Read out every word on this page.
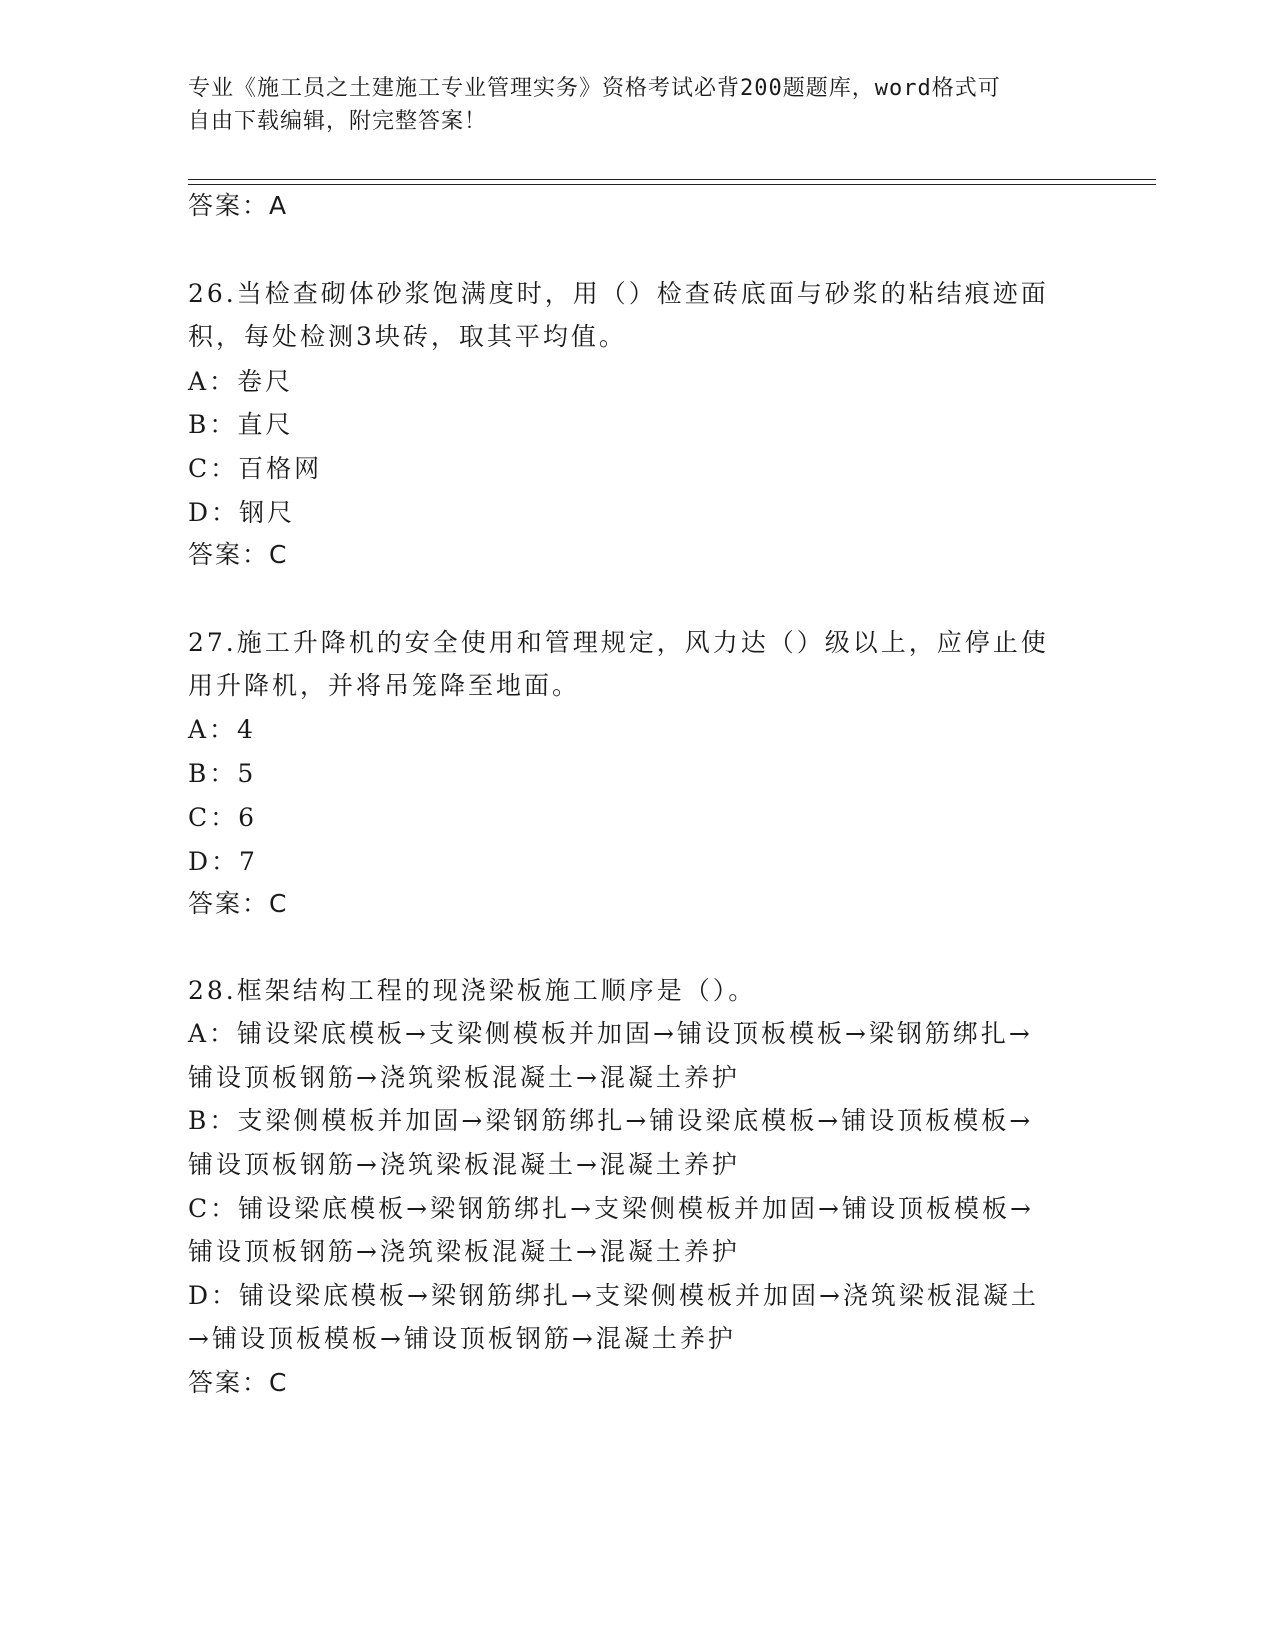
专业《施工员之土建施工专业管理实务》资格考试必背200题题库，word格式可
自由下载编辑，附完整答案！
答案：A
26.当检查砌体砂浆饱满度时，用（）检查砖底面与砂浆的粘结痕迹面
积，每处检测3块砖，取其平均值。
A：卷尺
B：直尺
C：百格网
D：钢尺
答案：C
27.施工升降机的安全使用和管理规定，风力达（）级以上，应停止使
用升降机，并将吊笼降至地面。
A：4
B：5
C：6
D：7
答案：C
28.框架结构工程的现浇梁板施工顺序是（）。
A：铺设梁底模板→支梁侧模板并加固→铺设顶板模板→梁钢筋绑扎→
铺设顶板钢筋→浇筑梁板混凝土→混凝土养护
B：支梁侧模板并加固→梁钢筋绑扎→铺设梁底模板→铺设顶板模板→
铺设顶板钢筋→浇筑梁板混凝土→混凝土养护
C：铺设梁底模板→梁钢筋绑扎→支梁侧模板并加固→铺设顶板模板→
铺设顶板钢筋→浇筑梁板混凝土→混凝土养护
D：铺设梁底模板→梁钢筋绑扎→支梁侧模板并加固→浇筑梁板混凝土
→铺设顶板模板→铺设顶板钢筋→混凝土养护
答案：C
